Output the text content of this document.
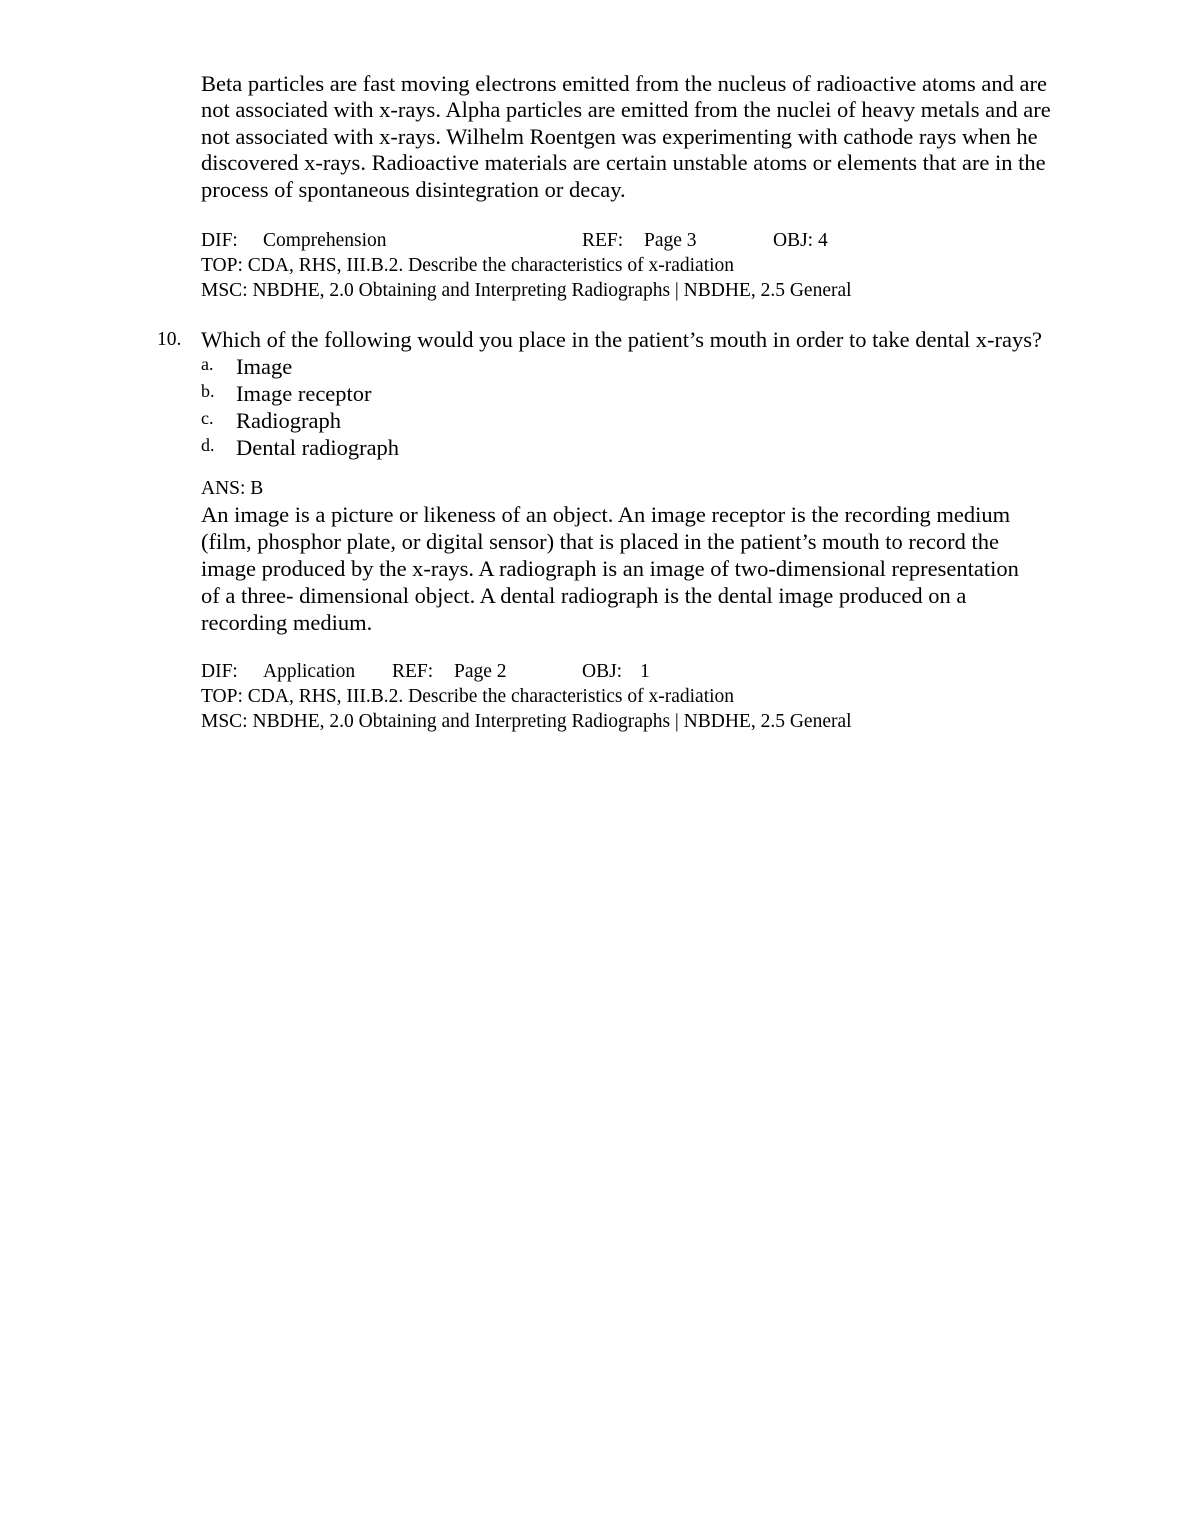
Beta particles are fast moving electrons emitted from the nucleus of radioactive atoms and are
not associated with x-rays. Alpha particles are emitted from the nuclei of heavy metals and are
not associated with x-rays. Wilhelm Roentgen was experimenting with cathode rays when he
discovered x-rays. Radioactive materials are certain unstable atoms or elements that are in the
process of spontaneous disintegration or decay.
DIF: Comprehension	REF: Page 3	OBJ: 4
TOP: CDA, RHS, III.B.2. Describe the characteristics of x-radiation
MSC: NBDHE, 2.0 Obtaining and Interpreting Radiographs | NBDHE, 2.5 General
10. Which of the following would you place in the patient’s mouth in order to take dental x-rays?
a. Image
b. Image receptor
c. Radiograph
d. Dental radiograph
ANS: B
An image is a picture or likeness of an object. An image receptor is the recording medium
(film, phosphor plate, or digital sensor) that is placed in the patient’s mouth to record the
image produced by the x-rays. A radiograph is an image of two-dimensional representation
of a three- dimensional object. A dental radiograph is the dental image produced on a
recording medium.
DIF: Application REF: Page 2	OBJ: 1
TOP: CDA, RHS, III.B.2. Describe the characteristics of x-radiation
MSC: NBDHE, 2.0 Obtaining and Interpreting Radiographs | NBDHE, 2.5 General
